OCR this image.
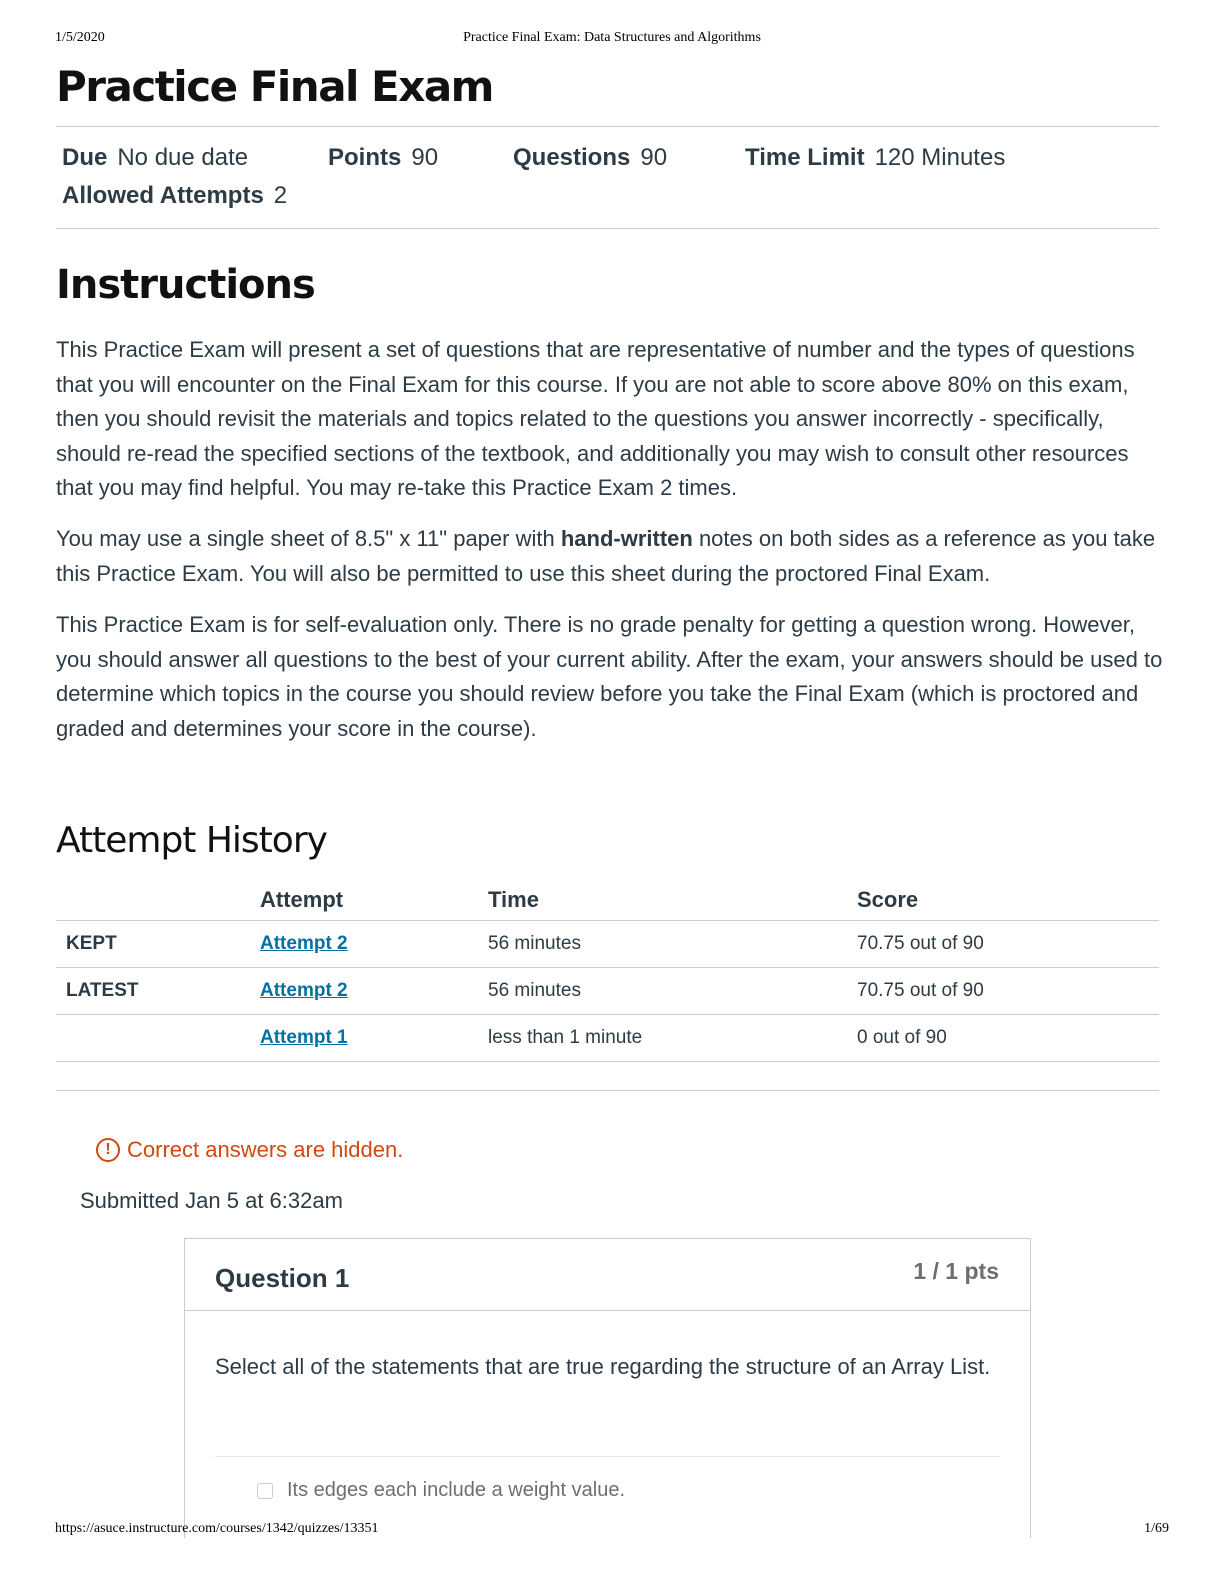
1/5/2020	Practice Final Exam: Data Structures and Algorithms
Practice Final Exam
Due No due date	Points 90	Questions 90	Time Limit 120 Minutes
Allowed Attempts 2
Instructions

This Practice Exam will present a set of questions that are representative of number and the types of questions that you will encounter on the Final Exam for this course. If you are not able to score above 80% on this exam, then you should revisit the materials and topics related to the questions you answer incorrectly - specifically, should re-read the specified sections of the textbook, and additionally you may wish to consult other resources that you may find helpful. You may re-take this Practice Exam 2 times.

You may use a single sheet of 8.5" x 11" paper with hand-written notes on both sides as a reference as you take this Practice Exam. You will also be permitted to use this sheet during the proctored Final Exam.

This Practice Exam is for self-evaluation only. There is no grade penalty for getting a question wrong. However, you should answer all questions to the best of your current ability. After the exam, your answers should be used to determine which topics in the course you should review before you take the Final Exam (which is proctored and graded and determines your score in the course).

Attempt History
	Attempt	Time	Score
KEPT	Attempt 2	56 minutes	70.75 out of 90
LATEST	Attempt 2	56 minutes	70.75 out of 90
	Attempt 1	less than 1 minute	0 out of 90
! Correct answers are hidden.
Submitted Jan 5 at 6:32am
Question 1	1 / 1 pts
Select all of the statements that are true regarding the structure of an Array List.
Its edges each include a weight value.
https://asuce.instructure.com/courses/1342/quizzes/13351	1/69
